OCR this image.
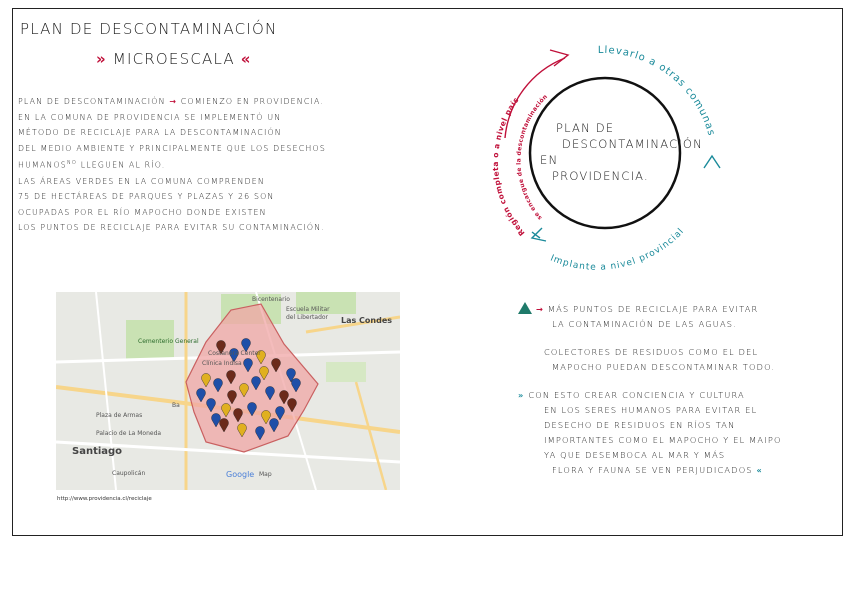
PLAN DE DESCONTAMINACIÓN
» MICROESCALA «

PLAN DE DESCONTAMINACIÓN → COMIENZO EN PROVIDENCIA.

EN LA COMUNA DE PROVIDENCIA SE IMPLEMENTÓ UN

MÉTODO DE RECICLAJE PARA LA DESCONTAMINACIÓN

DEL MEDIO AMBIENTE Y PRINCIPALMENTE QUE LOS DESECHOS

$HUMANOS^{NO}$ LLEGUEN AL RÍO.

LAS ÁREAS VERDES EN LA COMUNA COMPRENDEN

75 DE HECTÁREAS DE PARQUES Y PLAZAS Y 26 SON

OCUPADAS POR EL RÍO MAPOCHO DONDE EXISTEN

LOS PUNTOS DE RECICLAJE PARA EVITAR SU CONTAMINACIÓN.

Llevarlo a otras comunas
Implante a nivel provincial
Región completa o a nivel país
se encargue de la descontaminación

PLAN DE

DESCONTAMINACIÓN

EN

PROVIDENCIA.

Bicentenario
Escuela Militar
del Libertador Las Condes
Cementerio General
Costanera Center
Clínica Indisa
Plaza de Armas
Ba
Palacio de La Moneda
Santiago
Caupolicán	Google Map
http://www.providencia.cl/reciclaje

→ MÁS PUNTOS DE RECICLAJE PARA EVITAR

LA CONTAMINACIÓN DE LAS AGUAS.

COLECTORES DE RESIDUOS COMO EL DEL

MAPOCHO PUEDAN DESCONTAMINAR TODO.

» CON ESTO CREAR CONCIENCIA Y CULTURA

EN LOS SERES HUMANOS PARA EVITAR EL

DESECHO DE RESIDUOS EN RÍOS TAN

IMPORTANTES COMO EL MAPOCHO Y EL MAIPO

YA QUE DESEMBOCA AL MAR Y MÁS

FLORA Y FAUNA SE VEN PERJUDICADOS «
